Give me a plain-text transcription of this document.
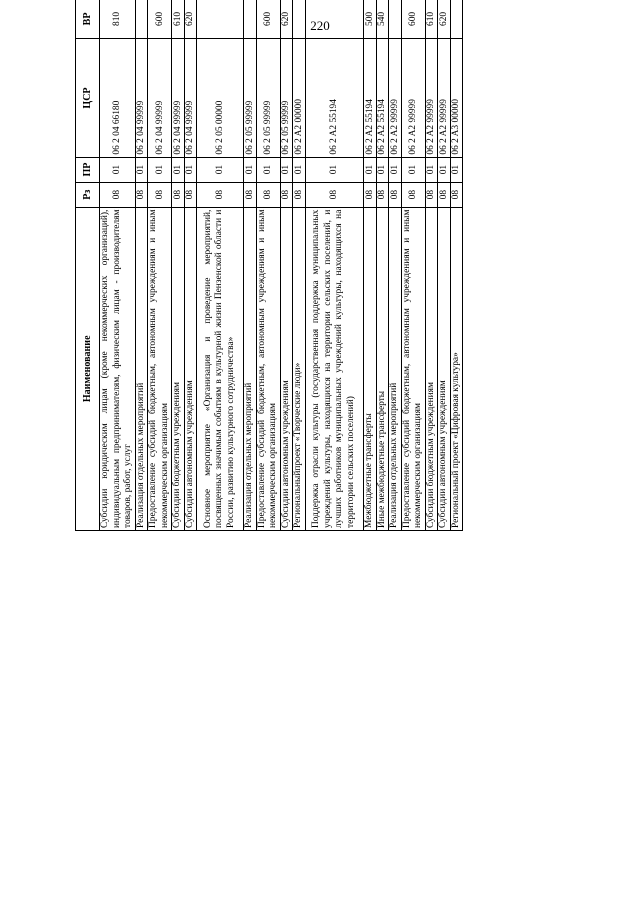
220
Наименование	Рз	ПР	ЦСР	ВР			
Субсидии юридическим лицам (кроме некоммерческих организаций), индивидуальным предпринимателям, физическим лицам - производителям товаров, работ, услуг	08	01	06 2 04 66180	810			
Реализация отдельных мероприятий	08	01	06 2 04 99999				
Предоставление субсидий бюджетным, автономным учреждениям и иным некоммерческим организациям	08	01	06 2 04 99999	600			
Субсидии бюджетным учреждениям	08	01	06 2 04 99999	610			
Субсидии автономным учреждениям	08	01	06 2 04 99999	620			
Основное мероприятие «Организация и проведение мероприятий, посвященных значимым событиям в культурной жизни Пензенской области и России, развитию культурного сотрудничества»	08	01	06 2 05 00000				
Реализация отдельных мероприятий	08	01	06 2 05 99999				
Предоставление субсидий бюджетным, автономным учреждениям и иным некоммерческим организациям	08	01	06 2 05 99999	600			
Субсидии автономным учреждениям	08	01	06 2 05 99999	620			
Региональныйпроект «Творческие люди»	08	01	06 2 A2 00000				
Поддержка отрасли культуры (государственная поддержка муниципальных учреждений культуры, находящихся на территории сельских поселений, и лучших работников муниципальных учреждений культуры, находящихся на территории сельских поселений)	08	01	06 2 A2 55194				
Межбюджетные трансферты	08	01	06 2 A2 55194	500			
Иные межбюджетные трансферты	08	01	06 2 A2 55194	540			
Реализация отдельных мероприятий	08	01	06 2 A2 99999				
Предоставление субсидий бюджетным, автономным учреждениям и иным некоммерческим организациям	08	01	06 2 A2 99999	600			
Субсидии бюджетным учреждениям	08	01	06 2 A2 99999	610			
Субсидии автономным учреждениям	08	01	06 2 A2 99999	620			
Региональный проект «Цифровая культура»	08	01	06 2 A3 00000				
